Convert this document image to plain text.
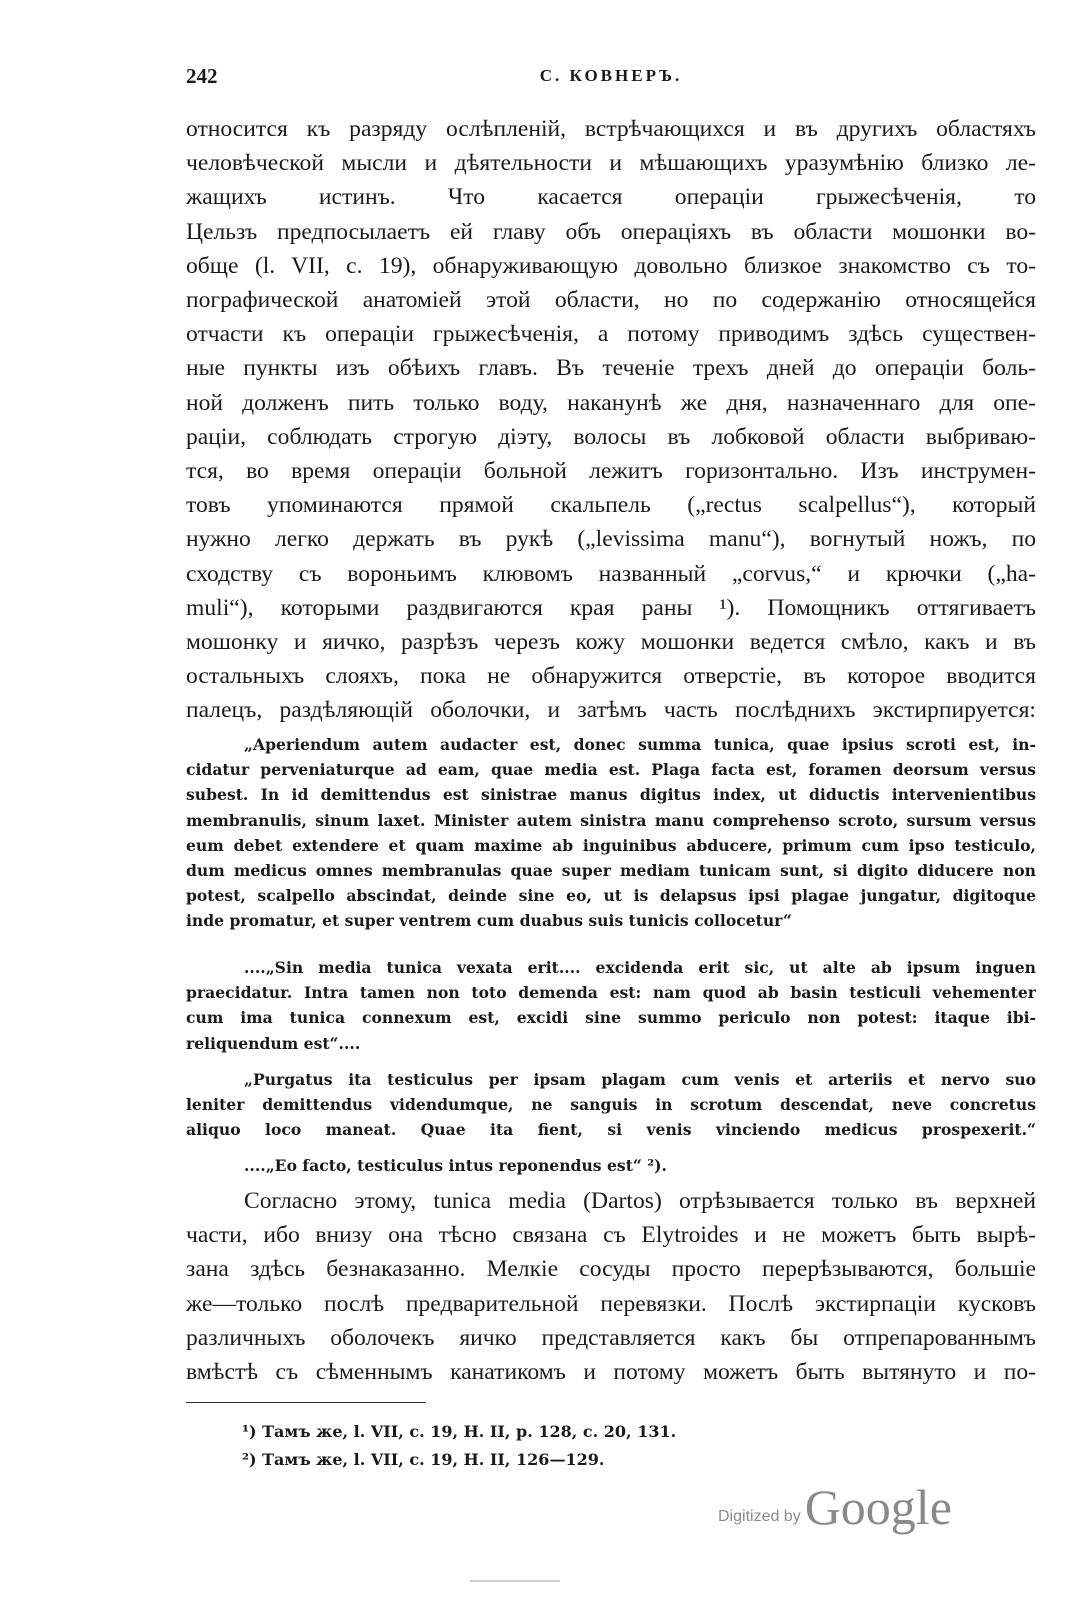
242	С. КОВНЕРЪ.
относится къ разряду ослѣпленій, встрѣчающихся и въ другихъ областяхъ
человѣческой мысли и дѣятельности и мѣшающихъ уразумѣнію близко ле-
жащихъ истинъ. Что касается операціи грыжесѣченія, то
Цельзъ предпосылаетъ ей главу объ операціяхъ въ области мошонки во-
обще (l. VII, c. 19), обнаруживающую довольно близкое знакомство съ то-
пографической анатоміей этой области, но по содержанію относящейся
отчасти къ операціи грыжесѣченія, а потому приводимъ здѣсь существен-
ные пункты изъ обѣихъ главъ. Въ теченіе трехъ дней до операціи боль-
ной долженъ пить только воду, наканунѣ же дня, назначеннаго для опе-
раціи, соблюдать строгую діэту, волосы въ лобковой области выбриваю-
тся, во время операціи больной лежитъ горизонтально. Изъ инструмен-
товъ упоминаются прямой скальпель („rectus scalpellus“), который
нужно легко держать въ рукѣ („levissima manu“), вогнутый ножъ, по
сходству съ вороньимъ клювомъ названный „corvus,“ и крючки („ha-
muli“), которыми раздвигаются края раны ¹). Помощникъ оттягиваетъ
мошонку и яичко, разрѣзъ черезъ кожу мошонки ведется смѣло, какъ и въ
остальныхъ слояхъ, пока не обнаружится отверстіе, въ которое вводится
палецъ, раздѣляющій оболочки, и затѣмъ часть послѣднихъ экстирпируется:
„Aperiendum autem audacter est, donec summa tunica, quae ipsius scroti est, in-
cidatur perveniaturque ad eam, quae media est. Plaga facta est, foramen deorsum versus
subest. In id demittendus est sinistrae manus digitus index, ut diductis intervenientibus
membranulis, sinum laxet. Minister autem sinistra manu comprehenso scroto, sursum versus
eum debet extendere et quam maxime ab inguinibus abducere, primum cum ipso testiculo,
dum medicus omnes membranulas quae super mediam tunicam sunt, si digito diducere non
potest, scalpello abscindat, deinde sine eo, ut is delapsus ipsi plagae jungatur, digitoque
inde promatur, et super ventrem cum duabus suis tunicis collocetur“
....„Sin media tunica vexata erit.... excidenda erit sic, ut alte ab ipsum inguen
praecidatur. Intra tamen non toto demenda est: nam quod ab basin testiculi vehementer
cum ima tunica connexum est, excidi sine summo periculo non potest: itaque ibi-
reliquendum est“....
„Purgatus ita testiculus per ipsam plagam cum venis et arteriis et nervo suo
leniter demittendus videndumque, ne sanguis in scrotum descendat, neve concretus
aliquo loco maneat. Quae ita fient, si venis vinciendo medicus prospexerit.“
....„Eo facto, testiculus intus reponendus est“ ²).
Согласно этому, tunica media (Dartos) отрѣзывается только въ верхней
части, ибо внизу она тѣсно связана съ Elytroides и не можетъ быть вырѣ-
зана здѣсь безнаказанно. Мелкіе сосуды просто перерѣзываются, большіе
же—только послѣ предварительной перевязки. Послѣ экстирпаціи кусковъ
различныхъ оболочекъ яичко представляется какъ бы отпрепарованнымъ
вмѣстѣ съ сѣменнымъ канатикомъ и потому можетъ быть вытянуто и по-
¹) Тамъ же, l. VII, c. 19, H. II, p. 128, c. 20, 131.
²) Тамъ же, l. VII, c. 19, H. II, 126—129.
Digitized by Google
